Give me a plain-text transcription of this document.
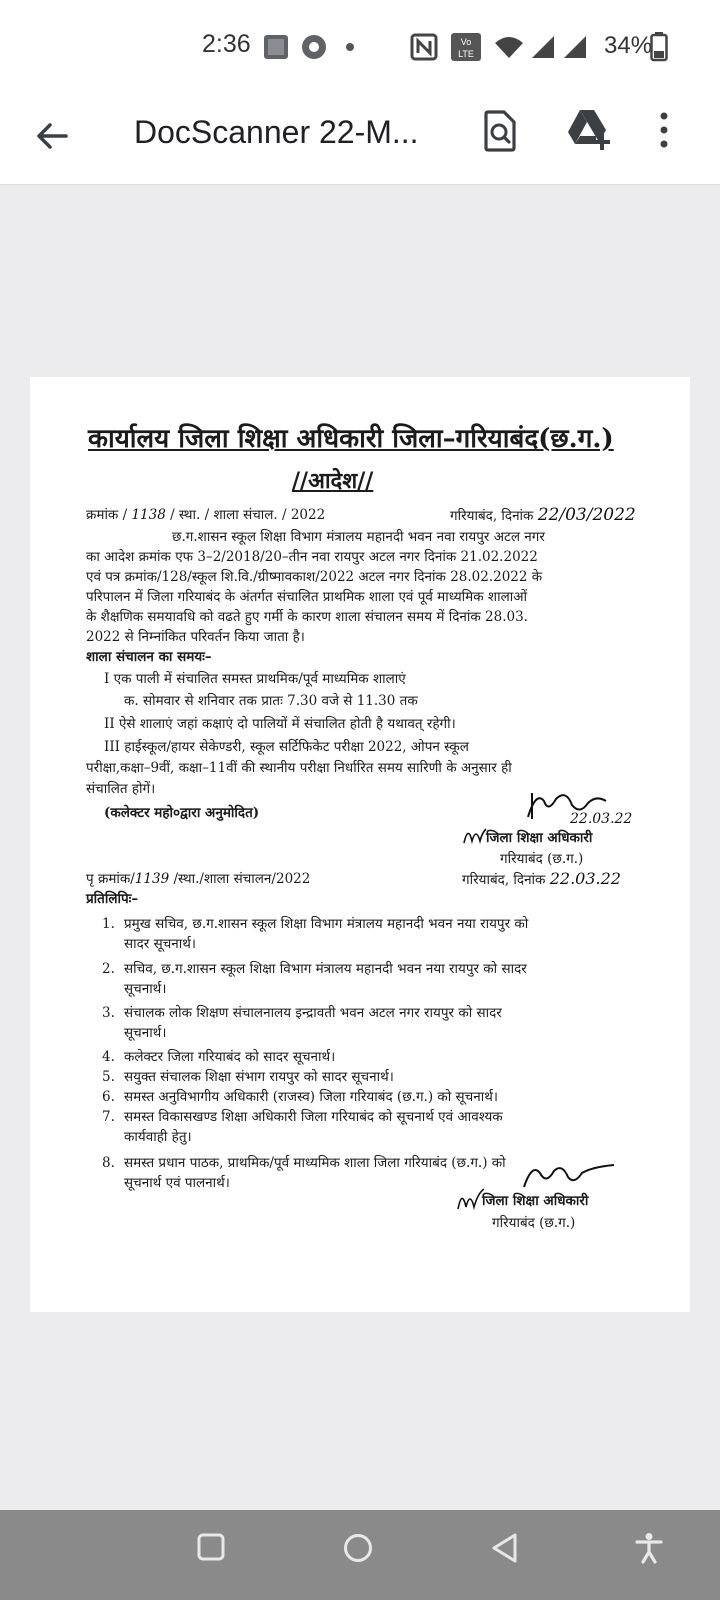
2:36	Vo
LTE	34%
DocScanner 22-M...
कार्यालय जिला शिक्षा अधिकारी जिला–गरियाबंद(छ.ग.)
//आदेश//
क्रमांक / 1138 / स्था. / शाला संचाल. / 2022	गरियाबंद, दिनांक 22/03/2022
छ.ग.शासन स्कूल शिक्षा विभाग मंत्रालय महानदी भवन नवा रायपुर अटल नगर
का आदेश क्रमांक एफ 3–2/2018/20–तीन नवा रायपुर अटल नगर दिनांक 21.02.2022
एवं पत्र क्रमांक/128/स्कूल शि.वि./ग्रीष्मावकाश/2022 अटल नगर दिनांक 28.02.2022 के
परिपालन में जिला गरियाबंद के अंतर्गत संचालित प्राथमिक शाला एवं पूर्व माध्यमिक शालाओं
के शैक्षणिक समयावधि को वढते हुए गर्मी के कारण शाला संचालन समय में दिनांक 28.03.
2022 से निम्नांकित परिवर्तन किया जाता है।
शाला संचालन का समयः–
I एक पाली में संचालित समस्त प्राथमिक/पूर्व माध्यमिक शालाएं
क. सोमवार से शनिवार तक प्रातः 7.30 वजे से 11.30 तक
II ऐसे शालाएं जहां कक्षाएं दो पालियों में संचालित होती है यथावत् रहेगी।
III हाईस्कूल/हायर सेकेण्डरी, स्कूल सर्टिफिकेट परीक्षा 2022, ओपन स्कूल
परीक्षा,कक्षा–9वीं, कक्षा–11वीं की स्थानीय परीक्षा निर्धारित समय सारिणी के अनुसार ही
संचालित होगें।
(कलेक्टर महो०द्वारा अनुमोदित)	22.03.22
जिला शिक्षा अधिकारी
गरियाबंद (छ.ग.)
पृ क्रमांक/1139 /स्था./शाला संचालन/2022	गरियाबंद, दिनांक 22.03.22
प्रतिलिपिः–
1. प्रमुख सचिव, छ.ग.शासन स्कूल शिक्षा विभाग मंत्रालय महानदी भवन नया रायपुर को
सादर सूचनार्थ।
2. सचिव, छ.ग.शासन स्कूल शिक्षा विभाग मंत्रालय महानदी भवन नया रायपुर को सादर
सूचनार्थ।
3. संचालक लोक शिक्षण संचालनालय इन्द्रावती भवन अटल नगर रायपुर को सादर
सूचनार्थ।
4. कलेक्टर जिला गरियाबंद को सादर सूचनार्थ।
5. सयुक्त संचालक शिक्षा संभाग रायपुर को सादर सूचनार्थ।
6. समस्त अनुविभागीय अधिकारी (राजस्व) जिला गरियाबंद (छ.ग.) को सूचनार्थ।
7. समस्त विकासखण्ड शिक्षा अधिकारी जिला गरियाबंद को सूचनार्थ एवं आवश्यक
कार्यवाही हेतु।
8. समस्त प्रधान पाठक, प्राथमिक/पूर्व माध्यमिक शाला जिला गरियाबंद (छ.ग.) को
सूचनार्थ एवं पालनार्थ।
जिला शिक्षा अधिकारी
गरियाबंद (छ.ग.)
